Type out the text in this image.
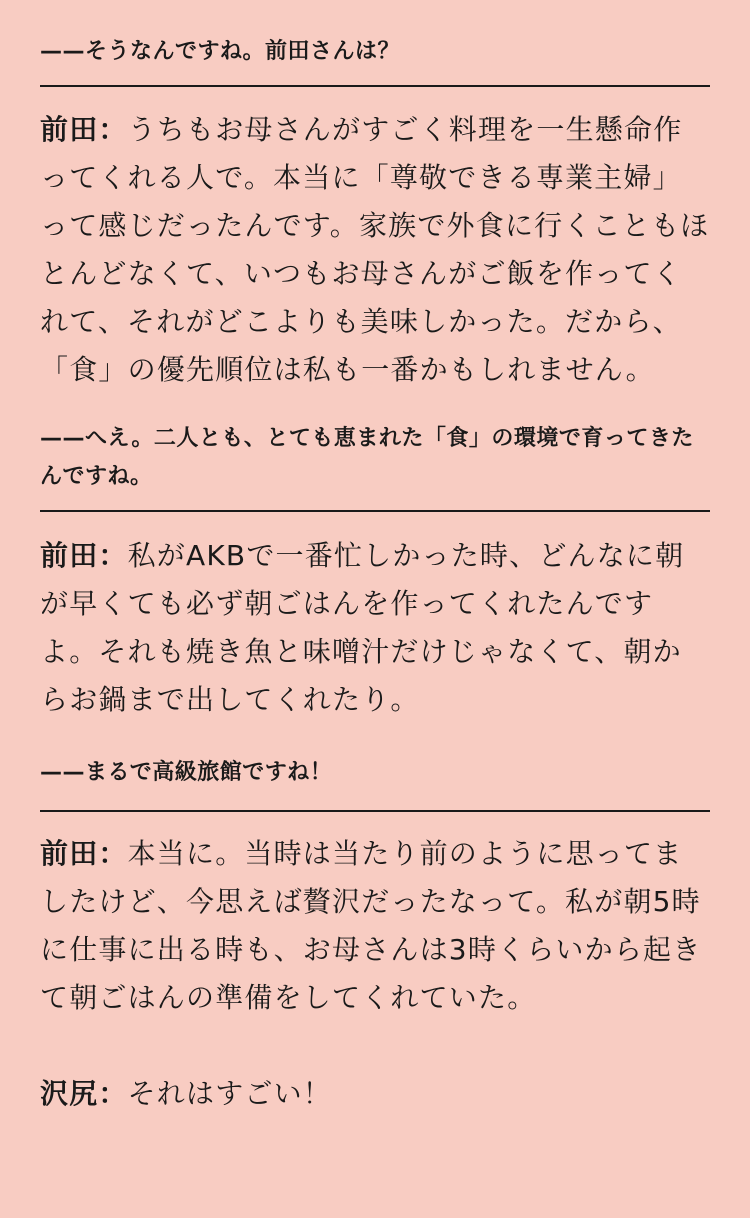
——そうなんですね。前田さんは？

前田：うちもお母さんがすごく料理を一生懸命作ってくれる人で。本当に「尊敬できる専業主婦」って感じだったんです。家族で外食に行くこともほとんどなくて、いつもお母さんがご飯を作ってくれて、それがどこよりも美味しかった。だから、「食」の優先順位は私も一番かもしれません。

——へえ。二人とも、とても恵まれた「食」の環境で育ってきたんですね。

前田：私がAKBで一番忙しかった時、どんなに朝が早くても必ず朝ごはんを作ってくれたんですよ。それも焼き魚と味噌汁だけじゃなくて、朝からお鍋まで出してくれたり。

——まるで高級旅館ですね！

前田：本当に。当時は当たり前のように思ってましたけど、今思えば贅沢だったなって。私が朝5時に仕事に出る時も、お母さんは3時くらいから起きて朝ごはんの準備をしてくれていた。

沢尻：それはすごい！
